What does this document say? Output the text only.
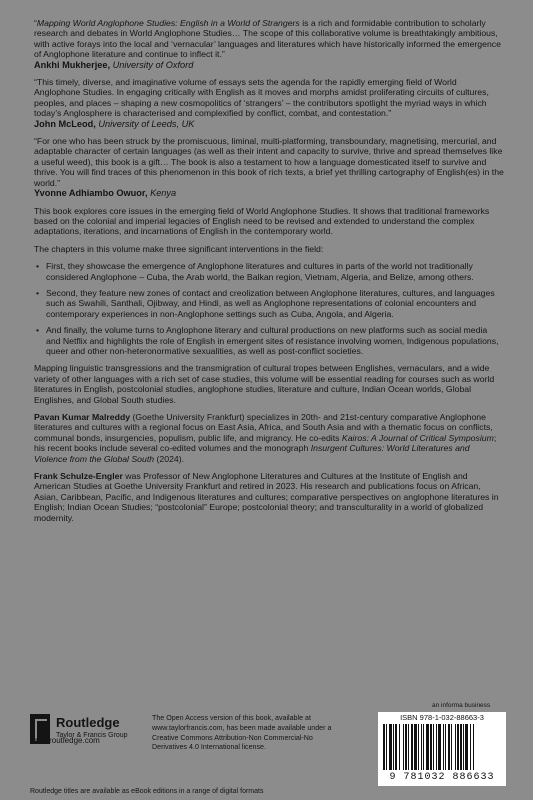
“Mapping World Anglophone Studies: English in a World of Strangers is a rich and formidable contribution to scholarly research and debates in World Anglophone Studies… The scope of this collaborative volume is breathtakingly ambitious, with active forays into the local and ‘vernacular’ languages and literatures which have historically informed the emergence of Anglophone literature and continue to inflect it.”

Ankhi Mukherjee, University of Oxford

“This timely, diverse, and imaginative volume of essays sets the agenda for the rapidly emerging field of World Anglophone Studies. In engaging critically with English as it moves and morphs amidst proliferating circuits of cultures, peoples, and places – shaping a new cosmopolitics of ‘strangers’ – the contributors spotlight the myriad ways in which today’s Anglosphere is characterised and complexified by conflict, combat, and contestation.”

John McLeod, University of Leeds, UK

“For one who has been struck by the promiscuous, liminal, multi-platforming, transboundary, magnetising, mercurial, and adaptable character of certain languages (as well as their intent and capacity to survive, thrive and spread themselves like a useful weed), this book is a gift… The book is also a testament to how a language domesticated itself to survive and thrive. You will find traces of this phenomenon in this book of rich texts, a brief yet thrilling cartography of English(es) in the world.”

Yvonne Adhiambo Owuor, Kenya

This book explores core issues in the emerging field of World Anglophone Studies. It shows that traditional frameworks based on the colonial and imperial legacies of English need to be revised and extended to understand the complex adaptations, iterations, and incarnations of English in the contemporary world.

The chapters in this volume make three significant interventions in the field:

• First, they showcase the emergence of Anglophone literatures and cultures in parts of the world not traditionally considered Anglophone – Cuba, the Arab world, the Balkan region, Vietnam, Algeria, and Belize, among others.
• Second, they feature new zones of contact and creolization between Anglophone literatures, cultures, and languages such as Swahili, Santhali, Ojibway, and Hindi, as well as Anglophone representations of colonial encounters and contemporary experiences in non-Anglophone settings such as Cuba, Angola, and Algeria.
• And finally, the volume turns to Anglophone literary and cultural productions on new platforms such as social media and Netflix and highlights the role of English in emergent sites of resistance involving women, Indigenous populations, queer and other non-heteronormative sexualities, as well as post-conflict societies.

Mapping linguistic transgressions and the transmigration of cultural tropes between Englishes, vernaculars, and a wide variety of other languages with a rich set of case studies, this volume will be essential reading for courses such as world literatures in English, postcolonial studies, anglophone studies, literature and culture, Indian Ocean worlds, Global Englishes, and Global South studies.

Pavan Kumar Malreddy (Goethe University Frankfurt) specializes in 20th- and 21st-century comparative Anglophone literatures and cultures with a regional focus on East Asia, Africa, and South Asia and with a thematic focus on conflicts, communal bonds, insurgencies, populism, public life, and migrancy. He co-edits Kairos: A Journal of Critical Symposium; his recent books include several co-edited volumes and the monograph Insurgent Cultures: World Literatures and Violence from the Global South (2024).

Frank Schulze-Engler was Professor of New Anglophone Literatures and Cultures at the Institute of English and American Studies at Goethe University Frankfurt and retired in 2023. His research and publications focus on African, Asian, Caribbean, Pacific, and Indigenous literatures and cultures; comparative perspectives on anglophone literatures in English; Indian Ocean Studies; “postcolonial” Europe; postcolonial theory; and transculturality in a world of globalized modernity.

Routledge
Taylor & Francis Group
www.routledge.com

The Open Access version of this book, available at www.taylorfrancis.com, has been made available under a Creative Commons Attribution-Non Commercial-No Derivatives 4.0 International license.

an informa business
ISBN 978-1-032-88663-3
9 781032 886633
Routledge titles are available as eBook editions in a range of digital formats
